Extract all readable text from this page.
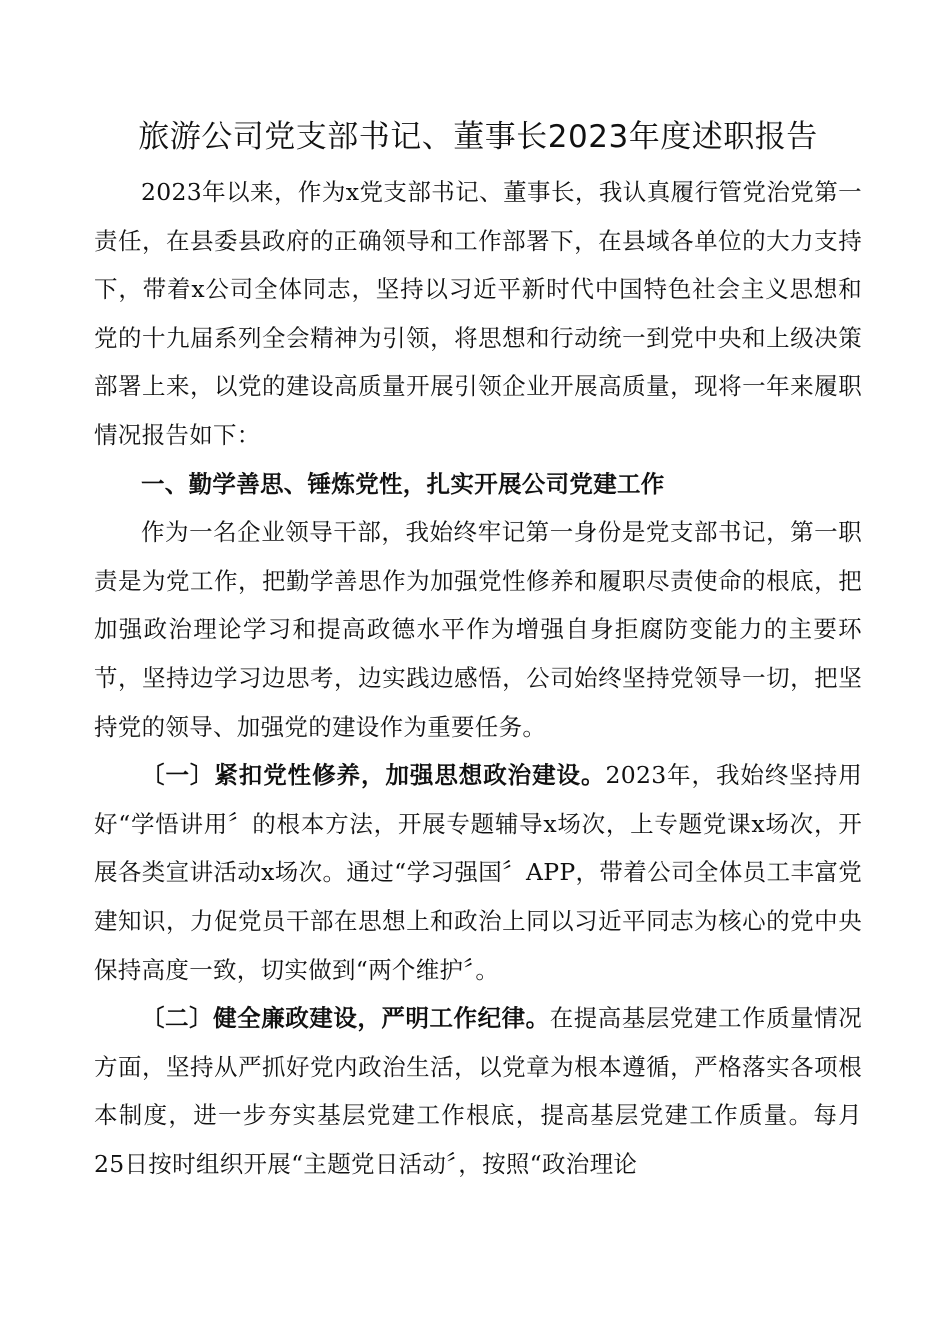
旅游公司党支部书记、董事长2023年度述职报告

2023年以来，作为x党支部书记、董事长，我认真履行管党治党第一责任，在县委县政府的正确领导和工作部署下，在县域各单位的大力支持下，带着x公司全体同志，坚持以习近平新时代中国特色社会主义思想和党的十九届系列全会精神为引领，将思想和行动统一到党中央和上级决策部署上来，以党的建设高质量开展引领企业开展高质量，现将一年来履职情况报告如下：

一、勤学善思、锤炼党性，扎实开展公司党建工作

作为一名企业领导干部，我始终牢记第一身份是党支部书记，第一职责是为党工作，把勤学善思作为加强党性修养和履职尽责使命的根底，把加强政治理论学习和提高政德水平作为增强自身拒腐防变能力的主要环节，坚持边学习边思考，边实践边感悟，公司始终坚持党领导一切，把坚持党的领导、加强党的建设作为重要任务。

〔一〕紧扣党性修养，加强思想政治建设。2023年，我始终坚持用好“学悟讲用〞的根本方法，开展专题辅导x场次，上专题党课x场次，开展各类宣讲活动x场次。通过“学习强国〞APP，带着公司全体员工丰富党建知识，力促党员干部在思想上和政治上同以习近平同志为核心的党中央保持高度一致，切实做到“两个维护〞。

〔二〕健全廉政建设，严明工作纪律。在提高基层党建工作质量情况方面，坚持从严抓好党内政治生活，以党章为根本遵循，严格落实各项根本制度，进一步夯实基层党建工作根底，提高基层党建工作质量。每月25日按时组织开展“主题党日活动〞，按照“政治理论
